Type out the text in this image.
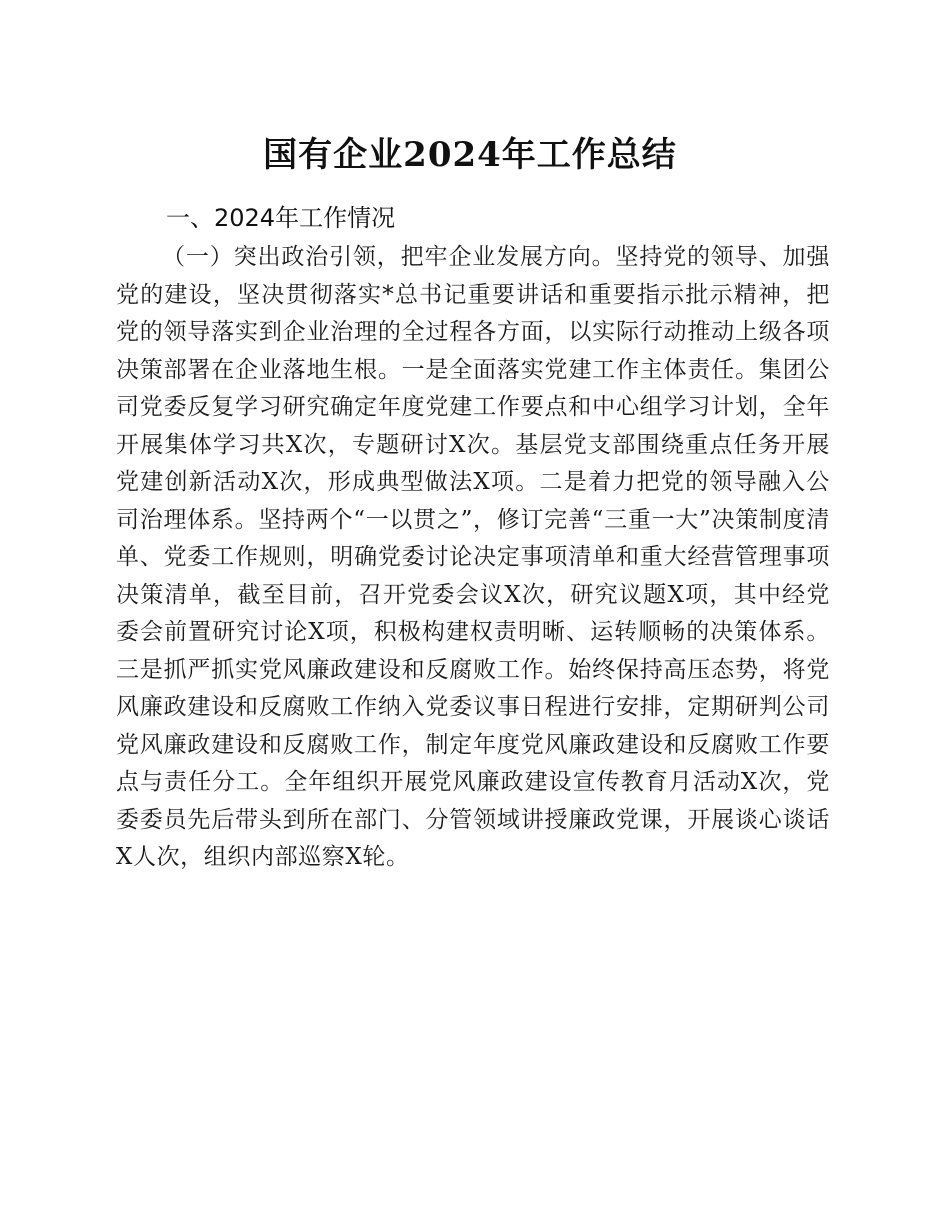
国有企业2024年工作总结
一、2024年工作情况

（一）突出政治引领，把牢企业发展方向。坚持党的领导、加强党的建设，坚决贯彻落实*总书记重要讲话和重要指示批示精神，把党的领导落实到企业治理的全过程各方面，以实际行动推动上级各项决策部署在企业落地生根。一是全面落实党建工作主体责任。集团公司党委反复学习研究确定年度党建工作要点和中心组学习计划，全年开展集体学习共X次，专题研讨X次。基层党支部围绕重点任务开展党建创新活动X次，形成典型做法X项。二是着力把党的领导融入公司治理体系。坚持两个“一以贯之”，修订完善“三重一大”决策制度清单、党委工作规则，明确党委讨论决定事项清单和重大经营管理事项决策清单，截至目前，召开党委会议X次，研究议题X项，其中经党委会前置研究讨论X项，积极构建权责明晰、运转顺畅的决策体系。三是抓严抓实党风廉政建设和反腐败工作。始终保持高压态势，将党风廉政建设和反腐败工作纳入党委议事日程进行安排，定期研判公司党风廉政建设和反腐败工作，制定年度党风廉政建设和反腐败工作要点与责任分工。全年组织开展党风廉政建设宣传教育月活动X次，党委委员先后带头到所在部门、分管领域讲授廉政党课，开展谈心谈话X人次，组织内部巡察X轮。
